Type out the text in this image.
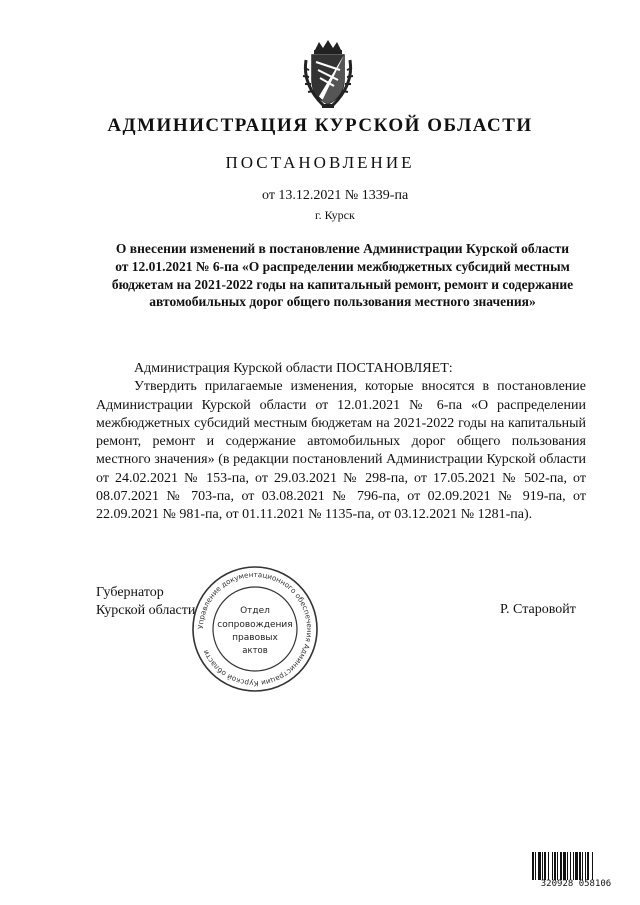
АДМИНИСТРАЦИЯ КУРСКОЙ ОБЛАСТИ
ПОСТАНОВЛЕНИЕ
от 13.12.2021 № 1339-па
г. Курск
О внесении изменений в постановление Администрации Курской области от 12.01.2021 № 6-па «О распределении межбюджетных субсидий местным бюджетам на 2021-2022 годы на капитальный ремонт, ремонт и содержание автомобильных дорог общего пользования местного значения»

Администрация Курской области ПОСТАНОВЛЯЕТ:

Утвердить прилагаемые изменения, которые вносятся в постановление Администрации Курской области от 12.01.2021 № 6-па «О распределении межбюджетных субсидий местным бюджетам на 2021-2022 годы на капитальный ремонт, ремонт и содержание автомобильных дорог общего пользования местного значения» (в редакции постановлений Администрации Курской области от 24.02.2021 № 153-па, от 29.03.2021 № 298-па, от 17.05.2021 № 502-па, от 08.07.2021 № 703-па, от 03.08.2021 № 796-па, от 02.09.2021 № 919-па, от 22.09.2021 № 981-па, от 01.11.2021 № 1135-па, от 03.12.2021 № 1281-па).

Губернатор
Курской области
Управление документационного обеспечения Администрации Курской области
Отдел
сопровождения
правовых
актов
Р. Старовойт
320928 058106
